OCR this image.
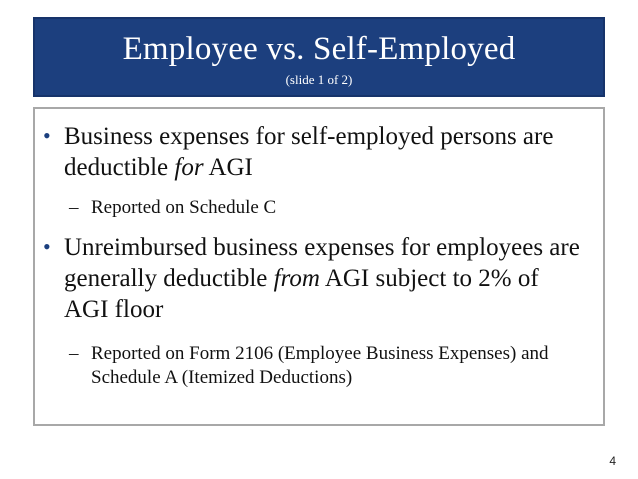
Employee vs. Self-Employed
(slide 1 of 2)
• Business expenses for self-employed persons are deductible for AGI
– Reported on Schedule C
• Unreimbursed business expenses for employees are generally deductible from AGI subject to 2% of AGI floor
– Reported on Form 2106 (Employee Business Expenses) and Schedule A (Itemized Deductions)
4
